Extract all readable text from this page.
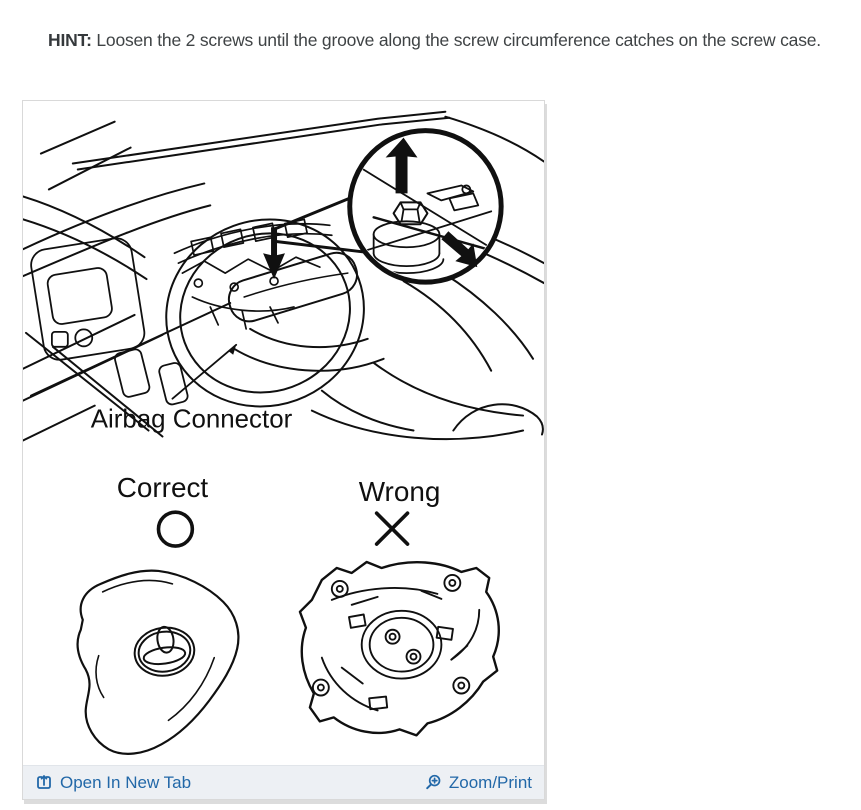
HINT: Loosen the 2 screws until the groove along the screw circumference catches on the screw case.
Airbag Connector
Correct	Wrong
Open In New Tab	Zoom/Print
